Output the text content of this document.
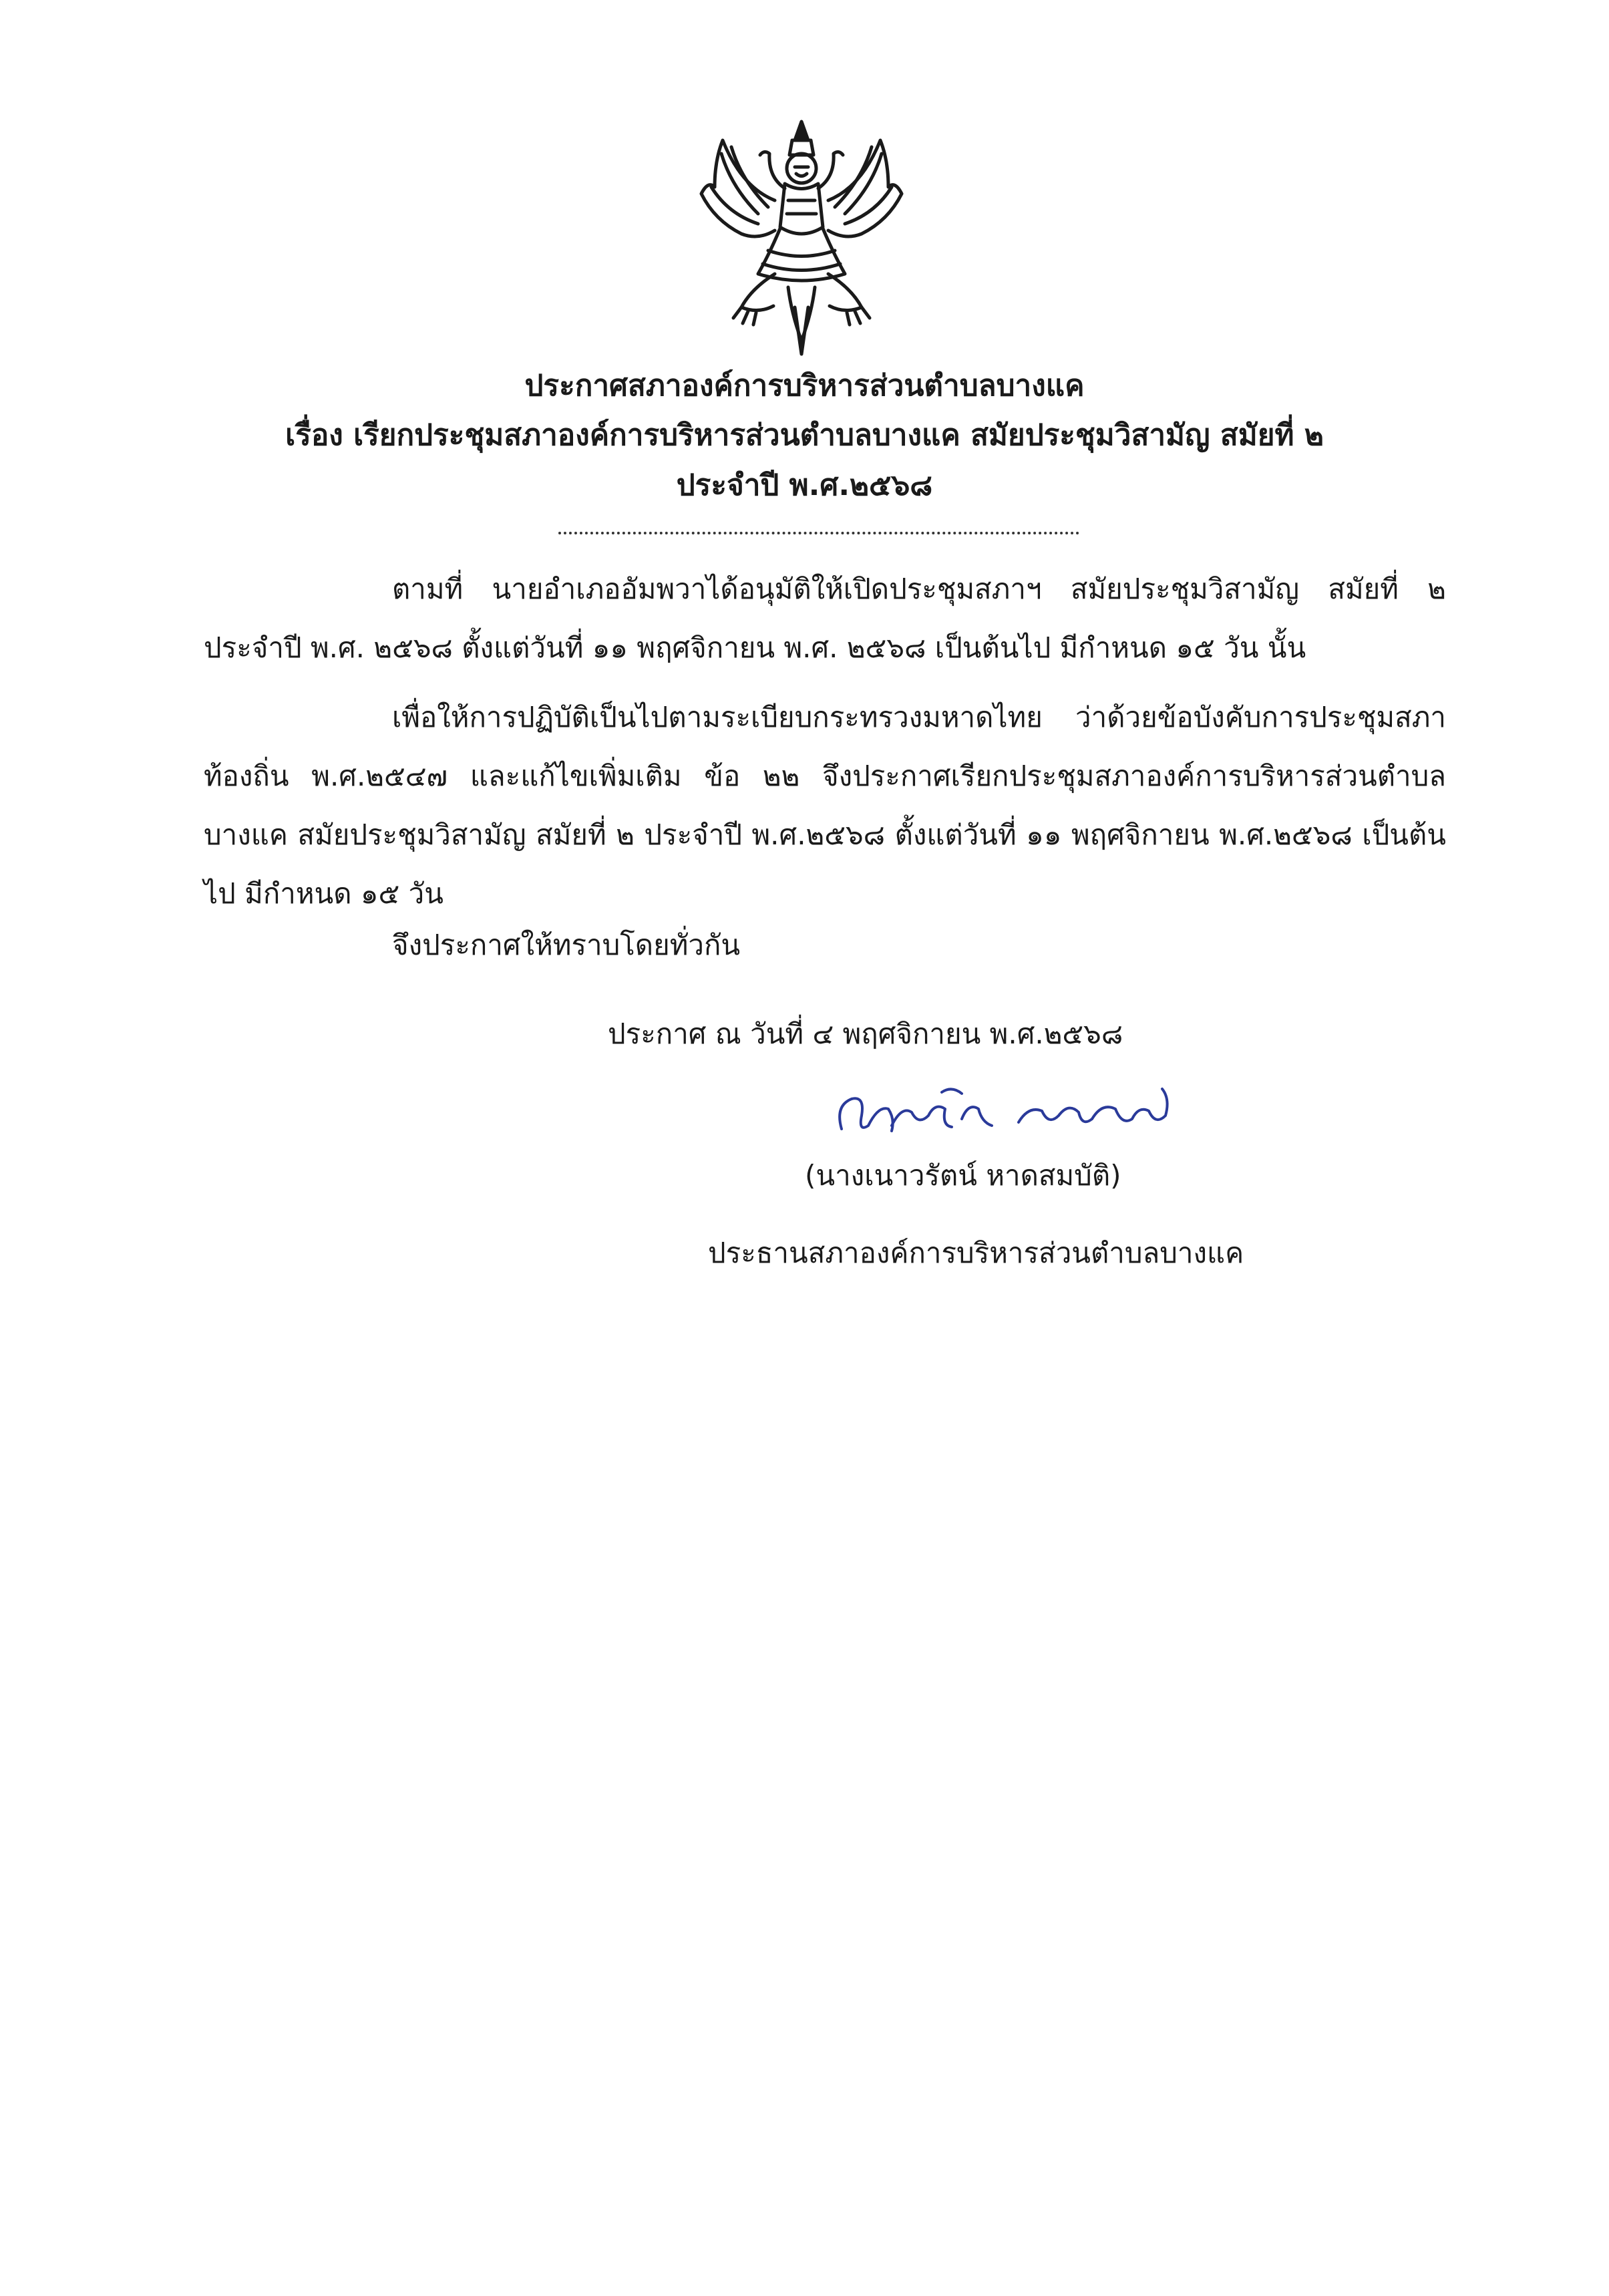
ประกาศสภาองค์การบริหารส่วนตำบลบางแค
เรื่อง เรียกประชุมสภาองค์การบริหารส่วนตำบลบางแค สมัยประชุมวิสามัญ สมัยที่ ๒
ประจำปี พ.ศ.๒๕๖๘
ตามที่ นายอำเภออัมพวาได้อนุมัติให้เปิดประชุมสภาฯ สมัยประชุมวิสามัญ สมัยที่ ๒ ประจำปี พ.ศ. ๒๕๖๘ ตั้งแต่วันที่ ๑๑ พฤศจิกายน พ.ศ. ๒๕๖๘ เป็นต้นไป มีกำหนด ๑๕ วัน นั้น
เพื่อให้การปฏิบัติเป็นไปตามระเบียบกระทรวงมหาดไทย ว่าด้วยข้อบังคับการประชุมสภาท้องถิ่น พ.ศ.๒๕๔๗ และแก้ไขเพิ่มเติม ข้อ ๒๒ จึงประกาศเรียกประชุมสภาองค์การบริหารส่วนตำบลบางแค สมัยประชุมวิสามัญ สมัยที่ ๒ ประจำปี พ.ศ.๒๕๖๘ ตั้งแต่วันที่ ๑๑ พฤศจิกายน พ.ศ.๒๕๖๘ เป็นต้นไป มีกำหนด ๑๕ วัน
จึงประกาศให้ทราบโดยทั่วกัน
ประกาศ ณ วันที่ ๔ พฤศจิกายน พ.ศ.๒๕๖๘
(นางเนาวรัตน์ หาดสมบัติ)
ประธานสภาองค์การบริหารส่วนตำบลบางแค
